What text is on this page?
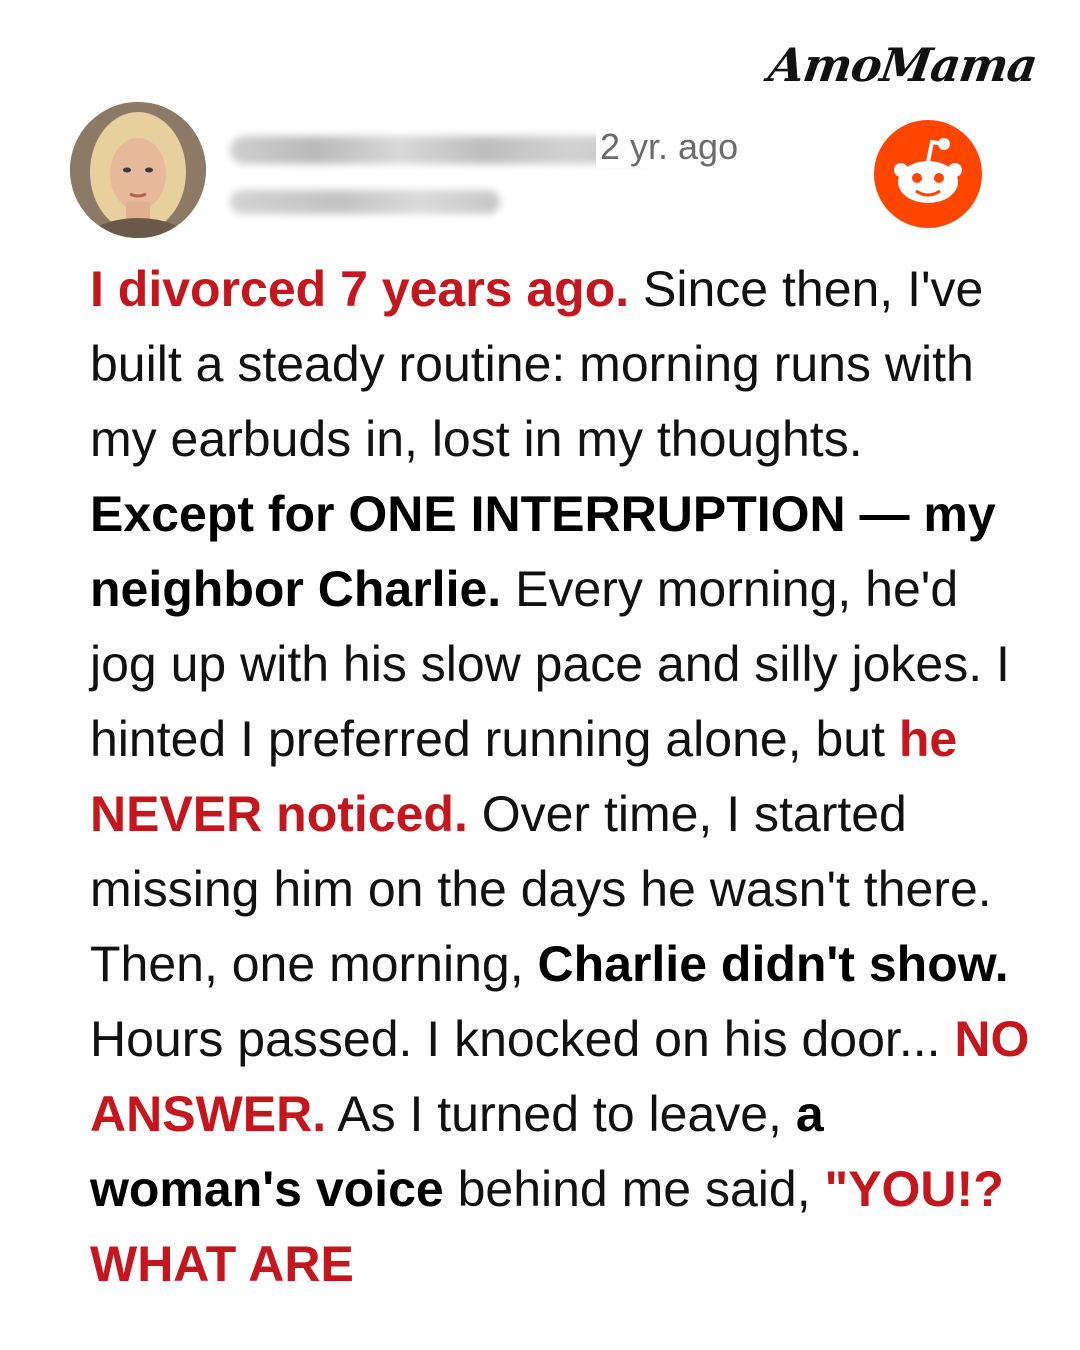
AmoMama
2 yr. ago
I divorced 7 years ago. Since then, I've built a steady routine: morning runs with my earbuds in, lost in my thoughts. Except for ONE INTERRUPTION — my neighbor Charlie. Every morning, he'd jog up with his slow pace and silly jokes. I hinted I preferred running alone, but he NEVER noticed. Over time, I started missing him on the days he wasn't there. Then, one morning, Charlie didn't show. Hours passed. I knocked on his door... NO ANSWER. As I turned to leave, a woman's voice behind me said, "YOU!? WHAT ARE
